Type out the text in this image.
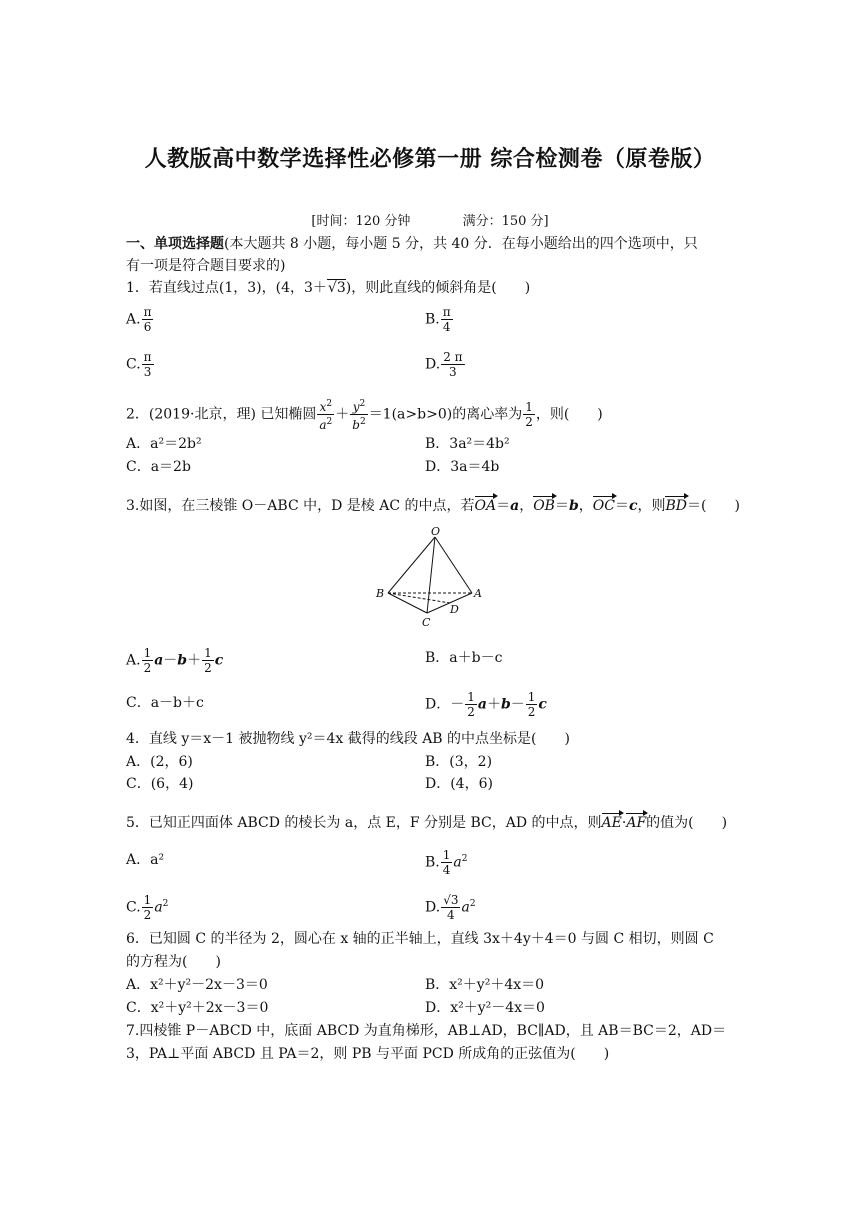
人教版高中数学选择性必修第一册 综合检测卷（原卷版）
[时间：120 分钟	满分：150 分]
一、单项选择题(本大题共 8 小题，每小题 5 分，共 40 分．在每小题给出的四个选项中，只
有一项是符合题目要求的)
1．若直线过点(1，3)，(4，3＋√3)，则此直线的倾斜角是(　　)
A. $\frac{\pi}{6}$	B. $\frac{\pi}{4}$
C. $\frac{\pi}{3}$	D. $\frac{2 \pi}{3}$
2．(2019·北京，理) 已知椭圆 $\frac{x^2}{a^2} + \frac{y^2}{b^2} =1(a>b>0)$的离心率为 $\frac{1}{2}$ ，则(　　)
A．a²＝2b²	B．3a²＝4b²
C．a＝2b	D．3a＝4b
3.如图，在三棱锥 O－ABC 中，D 是棱 AC 的中点，若OA＝a，OB＝b，OC＝c，则BD＝(　　)
O
A
B
C
D
A. $\frac{1}{2} a-b+ \frac{1}{2}$ c	B．a＋b－c
C．a－b＋c	D．－ $\frac{1}{2} a+b- \frac{1}{2}$ c
4．直线 y＝x－1 被抛物线 y²＝4x 截得的线段 AB 的中点坐标是(　　)
A．(2，6)	B．(3，2)
C．(6，4)	D．(4，6)
5．已知正四面体 ABCD 的棱长为 a，点 E，F 分别是 BC，AD 的中点，则AE·AF的值为(　　)
A．a²	B. $\frac{1}{4} a^2$
C. $\frac{1}{2} a^2$	D. $\frac{√3}{4} a^2$
6．已知圆 C 的半径为 2，圆心在 x 轴的正半轴上，直线 3x＋4y＋4＝0 与圆 C 相切，则圆 C
的方程为(　　)
A．x²＋y²－2x－3＝0	B．x²＋y²＋4x＝0
C．x²＋y²＋2x－3＝0	D．x²＋y²－4x＝0
7.四棱锥 P－ABCD 中，底面 ABCD 为直角梯形，AB⊥AD，BC∥AD，且 AB＝BC＝2，AD＝
3，PA⊥平面 ABCD 且 PA＝2，则 PB 与平面 PCD 所成角的正弦值为(　　)
